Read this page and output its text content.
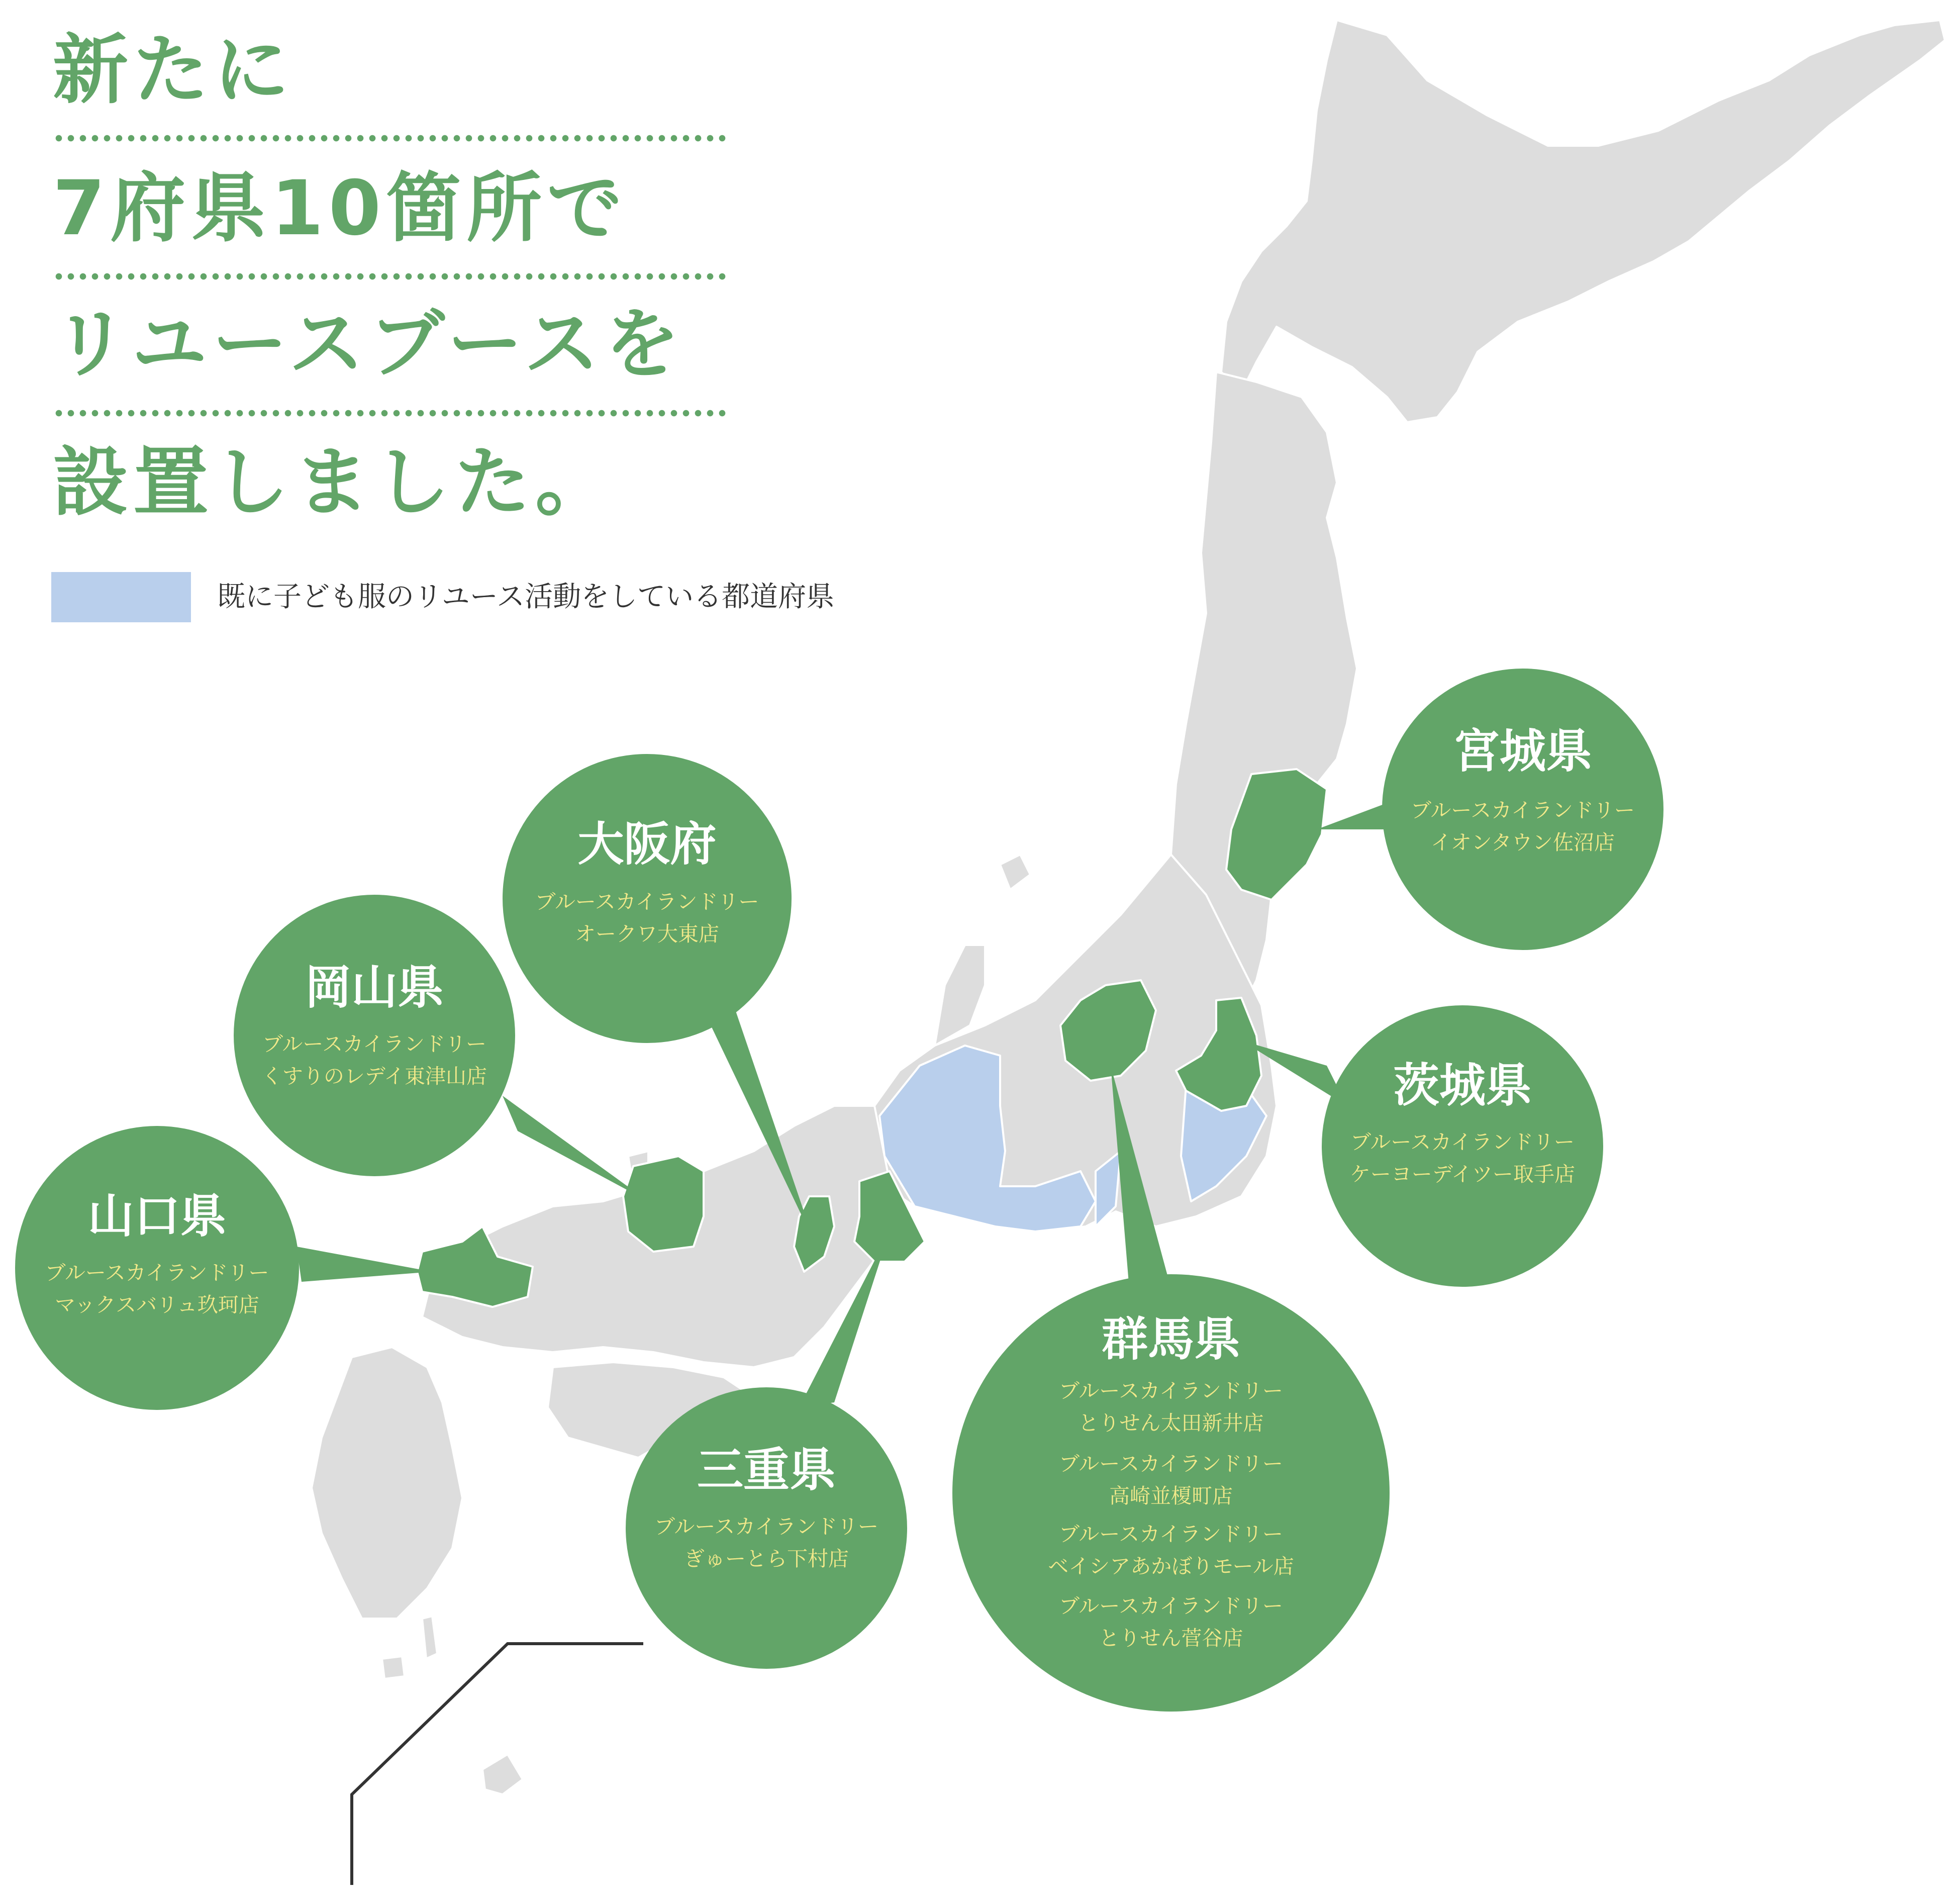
新たに
7府県10箇所で
リユースブースを
設置しました。
既に子ども服のリユース活動をしている都道府県
宮城県
ブルースカイランドリー
イオンタウン佐沼店
大阪府
ブルースカイランドリー
オークワ大東店
岡山県
ブルースカイランドリー
くすりのレデイ東津山店	茨城県
ブルースカイランドリー
ケーヨーデイツー取手店
山口県
ブルースカイランドリー
マックスバリュ玖珂店
群馬県
ブルースカイランドリー
とりせん太田新井店
ブルースカイランドリー
高崎並榎町店
ブルースカイランドリー
ベイシアあかぼりモール店
ブルースカイランドリー
とりせん菅谷店
三重県
ブルースカイランドリー
ぎゅーとら下村店
